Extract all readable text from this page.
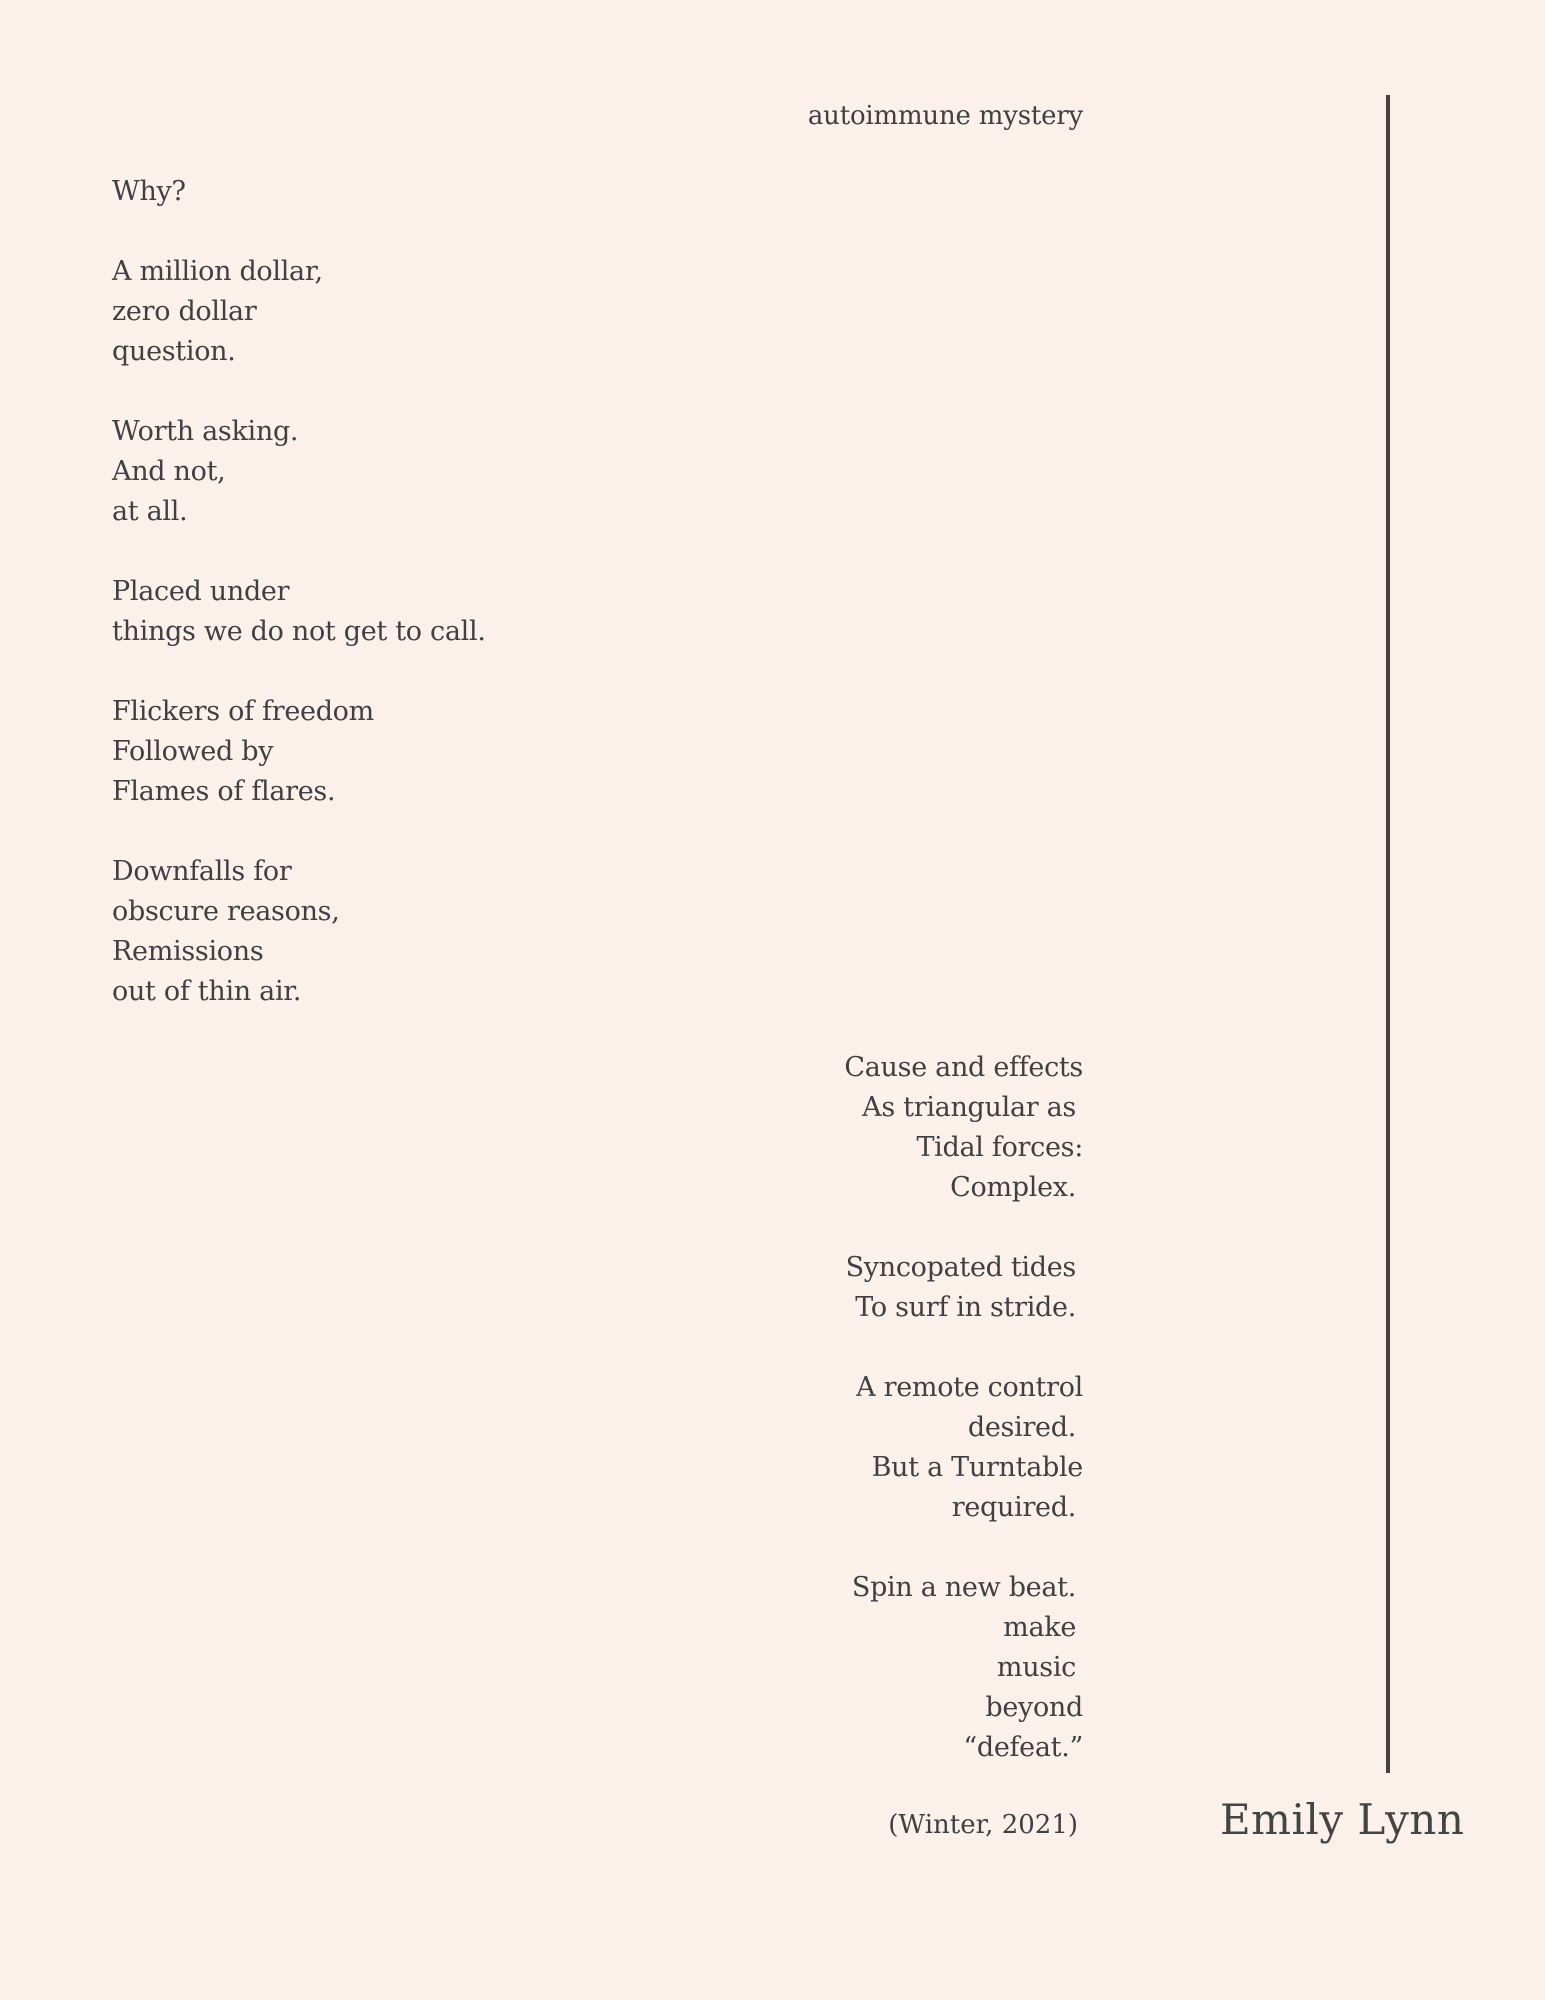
autoimmune mystery
Why?
A million dollar,
zero dollar
question.
Worth asking.
And not,
at all.
Placed under
things we do not get to call.
Flickers of freedom
Followed by
Flames of flares.
Downfalls for
obscure reasons,
Remissions
out of thin air.
Cause and effects
As triangular as
Tidal forces:
Complex.
Syncopated tides
To surf in stride.
A remote control
desired.
But a Turntable
required.
Spin a new beat.
make
music
beyond
“defeat.”
(Winter, 2021)	Emily Lynn
